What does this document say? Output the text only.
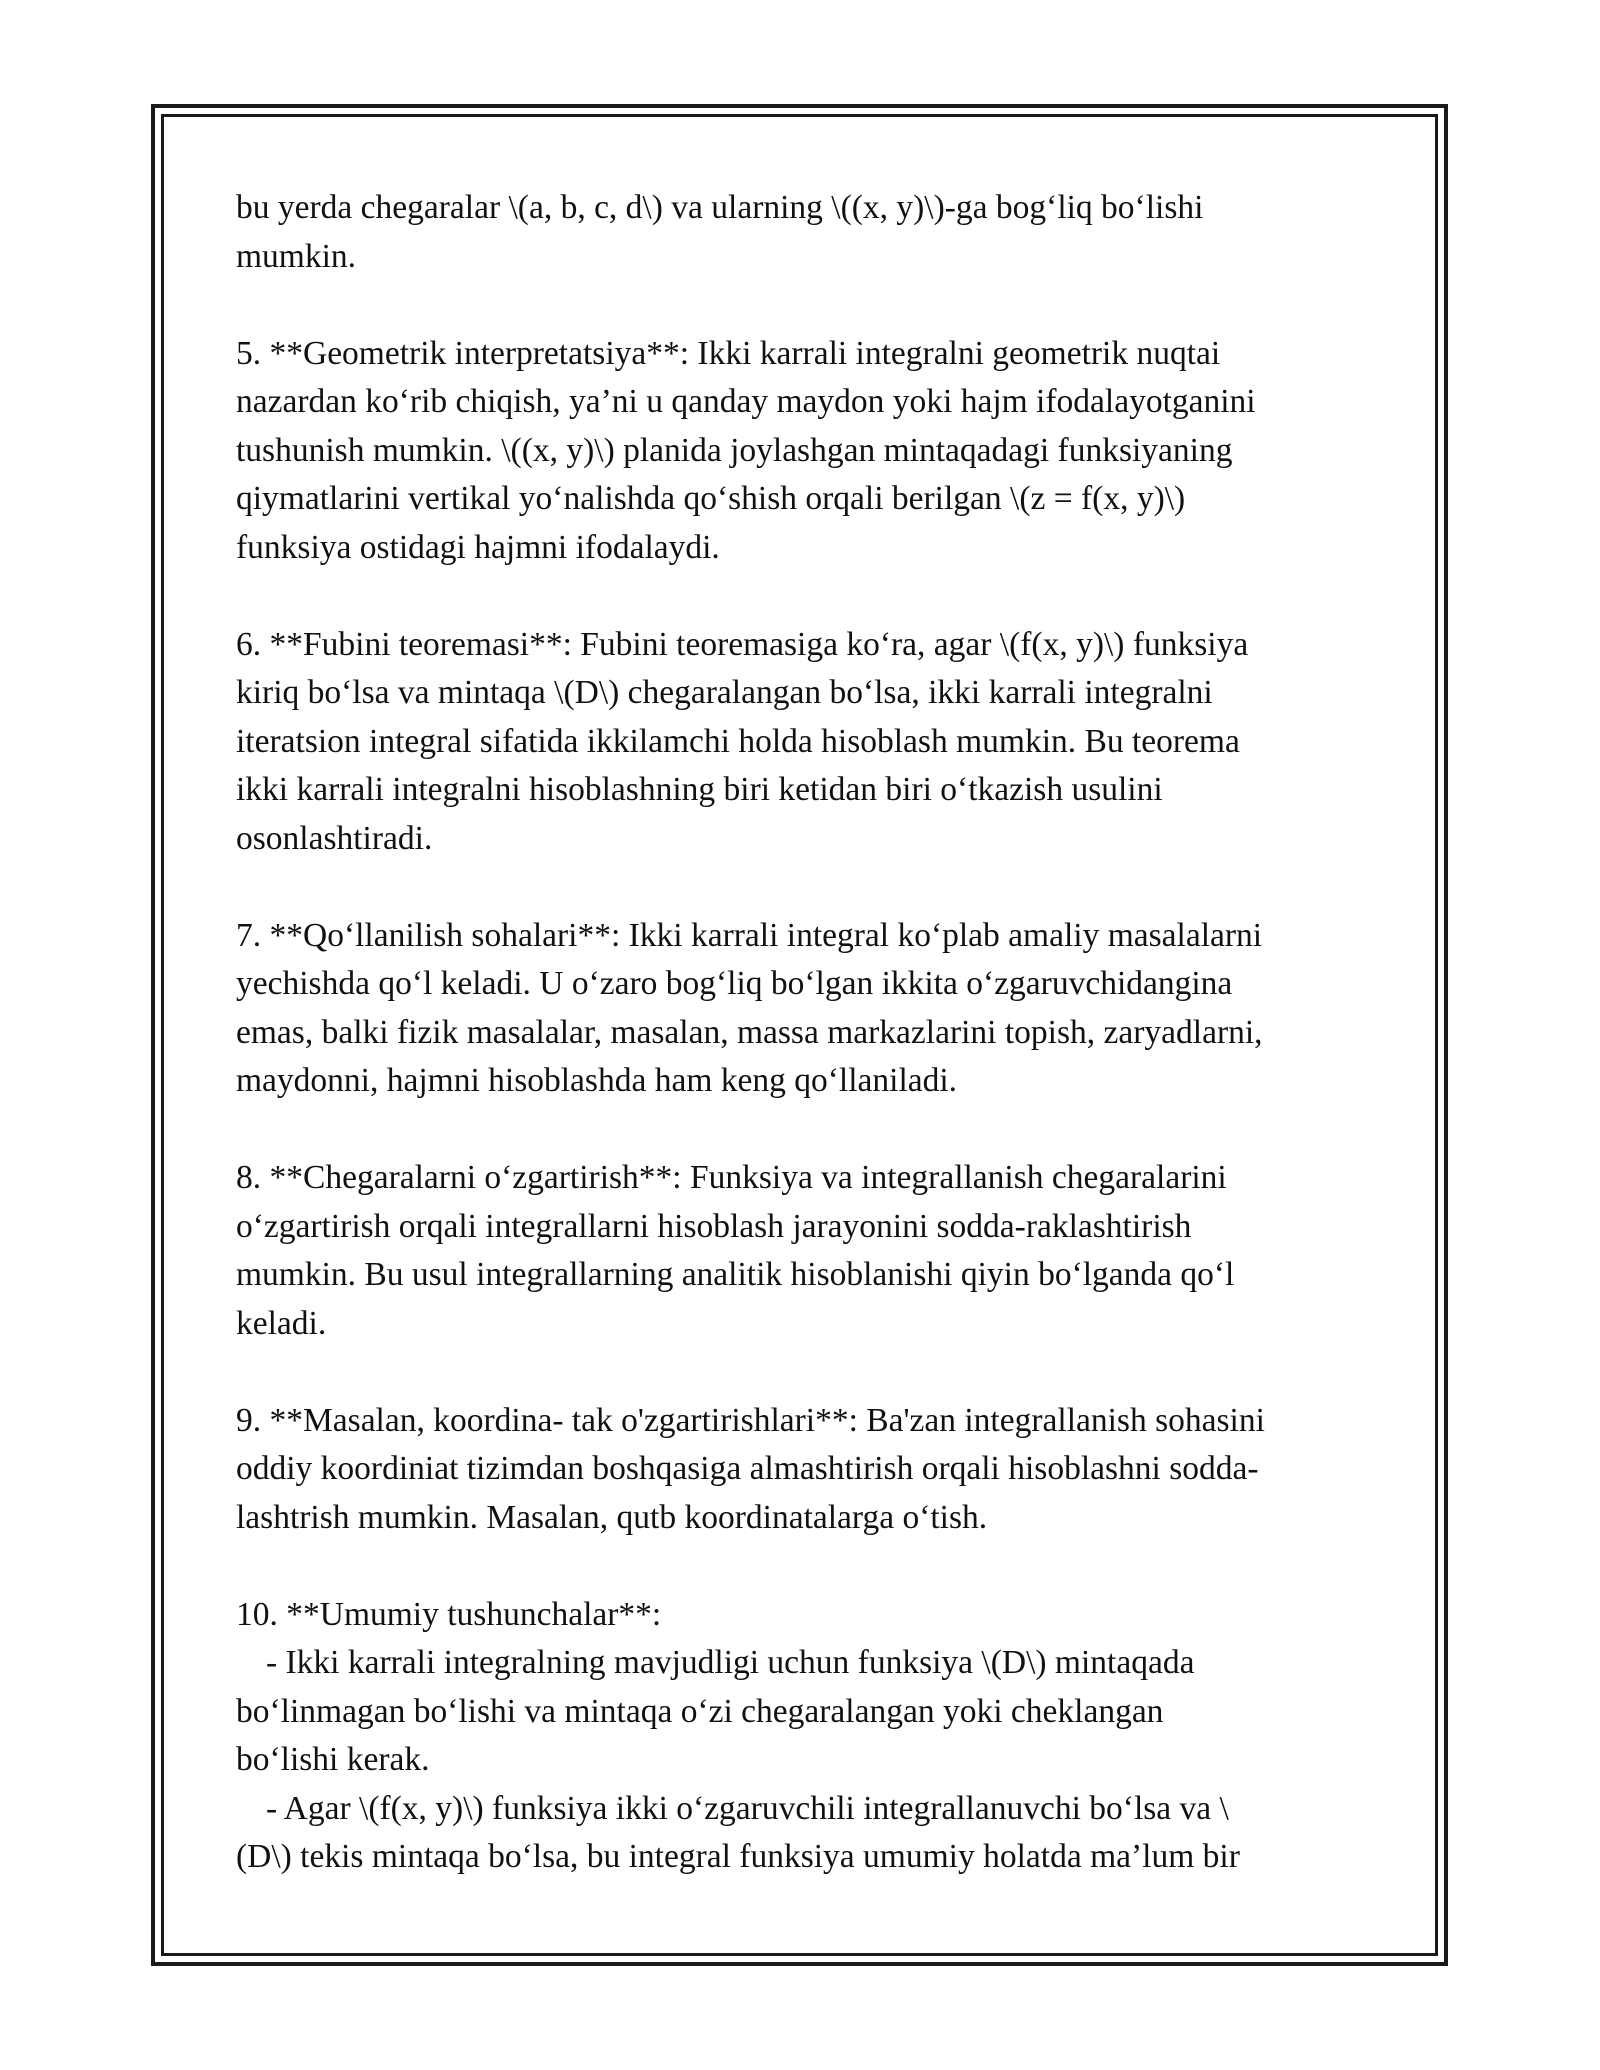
bu yerda chegaralar \(a, b, c, d\) va ularning \((x, y)\)-ga bog‘liq bo‘lishi
mumkin.

5. **Geometrik interpretatsiya**: Ikki karrali integralni geometrik nuqtai
nazardan ko‘rib chiqish, ya’ni u qanday maydon yoki hajm ifodalayotganini
tushunish mumkin. \((x, y)\) planida joylashgan mintaqadagi funksiyaning
qiymatlarini vertikal yo‘nalishda qo‘shish orqali berilgan \(z = f(x, y)\)
funksiya ostidagi hajmni ifodalaydi.

6. **Fubini teoremasi**: Fubini teoremasiga ko‘ra, agar \(f(x, y)\) funksiya
kiriq bo‘lsa va mintaqa \(D\) chegaralangan bo‘lsa, ikki karrali integralni
iteratsion integral sifatida ikkilamchi holda hisoblash mumkin. Bu teorema
ikki karrali integralni hisoblashning biri ketidan biri o‘tkazish usulini
osonlashtiradi.

7. **Qo‘llanilish sohalari**: Ikki karrali integral ko‘plab amaliy masalalarni
yechishda qo‘l keladi. U o‘zaro bog‘liq bo‘lgan ikkita o‘zgaruvchidangina
emas, balki fizik masalalar, masalan, massa markazlarini topish, zaryadlarni,
maydonni, hajmni hisoblashda ham keng qo‘llaniladi.

8. **Chegaralarni o‘zgartirish**: Funksiya va integrallanish chegaralarini
o‘zgartirish orqali integrallarni hisoblash jarayonini sodda-raklashtirish
mumkin. Bu usul integrallarning analitik hisoblanishi qiyin bo‘lganda qo‘l
keladi.

9. **Masalan, koordina- tak o'zgartirishlari**: Ba'zan integrallanish sohasini
oddiy koordiniat tizimdan boshqasiga almashtirish orqali hisoblashni sodda-
lashtrish mumkin. Masalan, qutb koordinatalarga o‘tish.

10. **Umumiy tushunchalar**:
- Ikki karrali integralning mavjudligi uchun funksiya \(D\) mintaqada
bo‘linmagan bo‘lishi va mintaqa o‘zi chegaralangan yoki cheklangan
bo‘lishi kerak.
- Agar \(f(x, y)\) funksiya ikki o‘zgaruvchili integrallanuvchi bo‘lsa va \
(D\) tekis mintaqa bo‘lsa, bu integral funksiya umumiy holatda ma’lum bir
